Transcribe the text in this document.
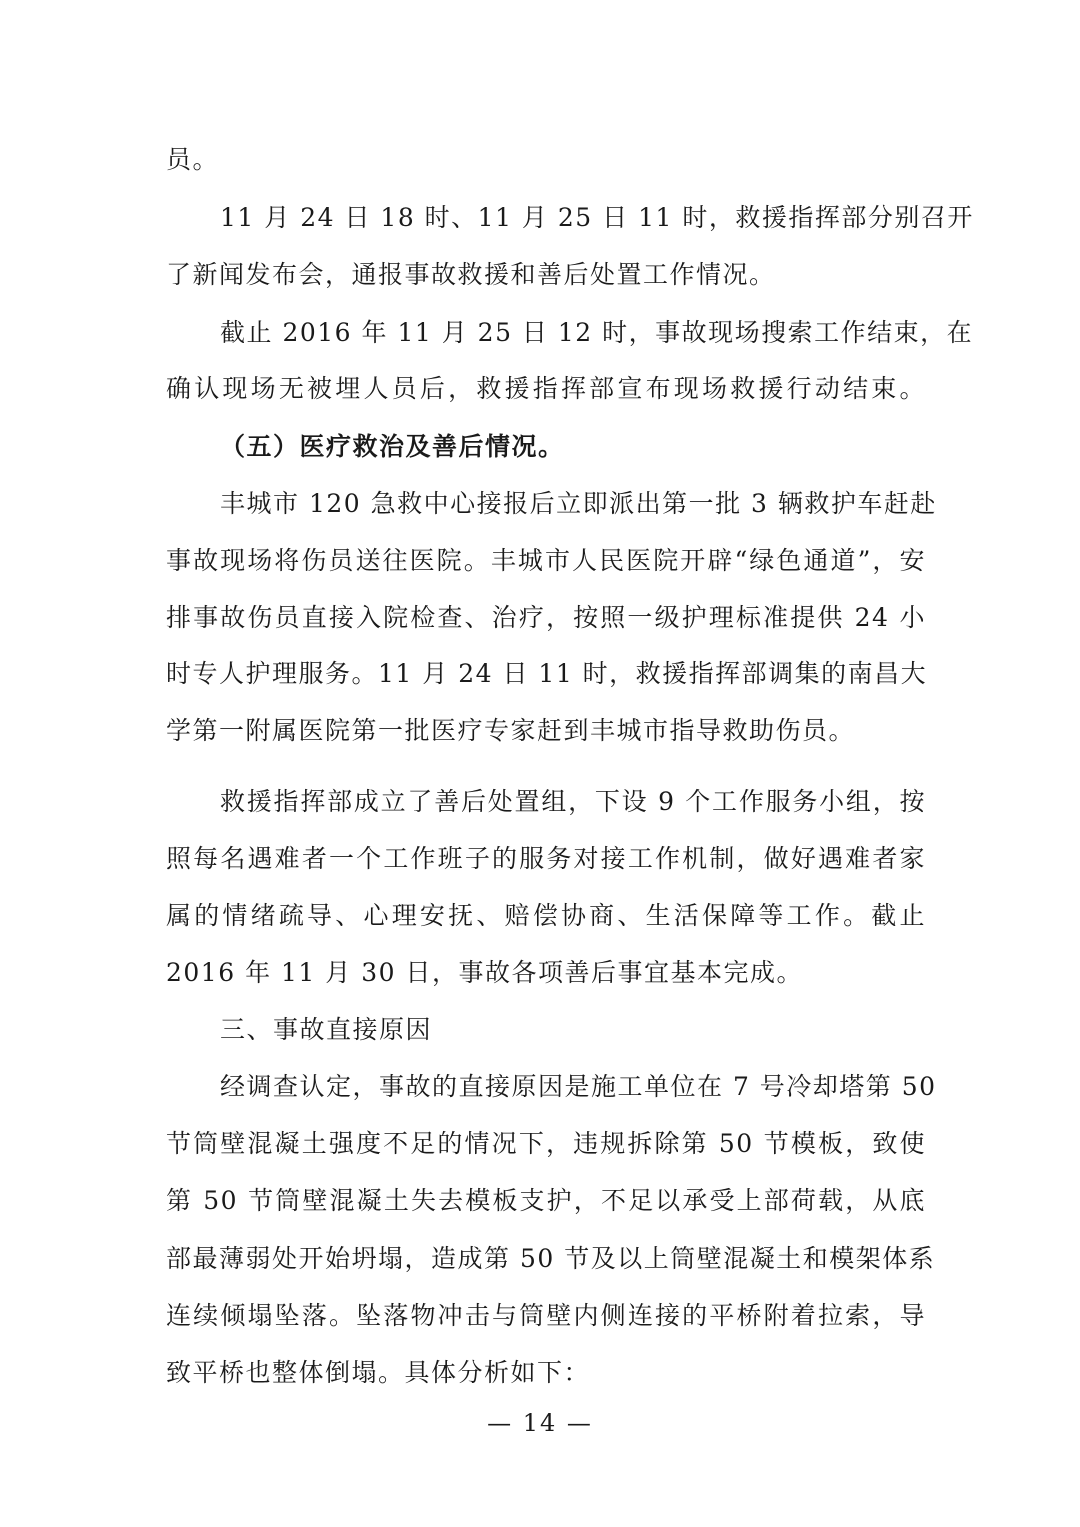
员。
11 月 24 日 18 时、11 月 25 日 11 时，救援指挥部分别召开
了新闻发布会，通报事故救援和善后处置工作情况。
截止 2016 年 11 月 25 日 12 时，事故现场搜索工作结束，在
确认现场无被埋人员后，救援指挥部宣布现场救援行动结束。
（五）医疗救治及善后情况。
丰城市 120 急救中心接报后立即派出第一批 3 辆救护车赶赴
事故现场将伤员送往医院。丰城市人民医院开辟“绿色通道”，安
排事故伤员直接入院检查、治疗，按照一级护理标准提供 24 小
时专人护理服务。11 月 24 日 11 时，救援指挥部调集的南昌大
学第一附属医院第一批医疗专家赶到丰城市指导救助伤员。
救援指挥部成立了善后处置组，下设 9 个工作服务小组，按
照每名遇难者一个工作班子的服务对接工作机制，做好遇难者家
属的情绪疏导、心理安抚、赔偿协商、生活保障等工作。截止
2016 年 11 月 30 日，事故各项善后事宜基本完成。
三、事故直接原因
经调查认定，事故的直接原因是施工单位在 7 号冷却塔第 50
节筒壁混凝土强度不足的情况下，违规拆除第 50 节模板，致使
第 50 节筒壁混凝土失去模板支护，不足以承受上部荷载，从底
部最薄弱处开始坍塌，造成第 50 节及以上筒壁混凝土和模架体系
连续倾塌坠落。坠落物冲击与筒壁内侧连接的平桥附着拉索，导
致平桥也整体倒塌。具体分析如下：
— 14 —
